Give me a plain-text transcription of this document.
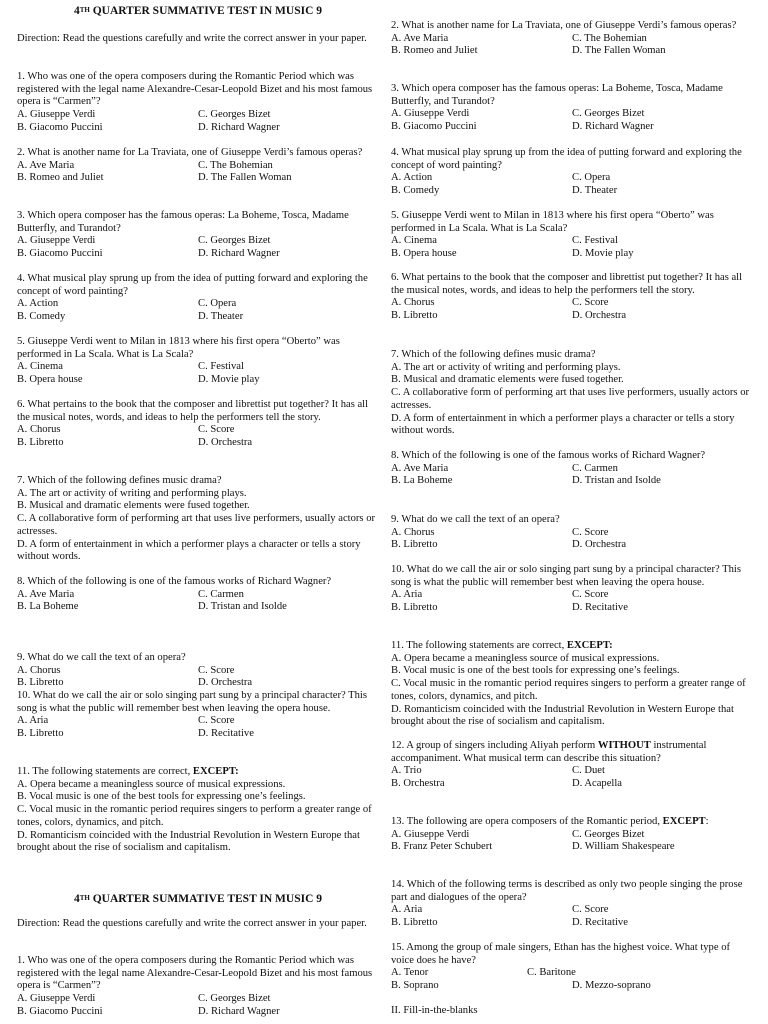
4TH QUARTER SUMMATIVE TEST IN MUSIC 9
Direction: Read the questions carefully and write the correct answer in your paper.
1. Who was one of the opera composers during the Romantic Period which was registered with the legal name Alexandre-Cesar-Leopold Bizet and his most famous opera is “Carmen”?
A. Giuseppe Verdi	C. Georges Bizet
B. Giacomo Puccini	D. Richard Wagner
2. What is another name for La Traviata, one of Giuseppe Verdi’s famous operas?
A. Ave Maria	C. The Bohemian
B. Romeo and Juliet	D. The Fallen Woman
3. Which opera composer has the famous operas: La Boheme, Tosca, Madame Butterfly, and Turandot?
A. Giuseppe Verdi	C. Georges Bizet
B. Giacomo Puccini	D. Richard Wagner
4. What musical play sprung up from the idea of putting forward and exploring the concept of word painting?
A. Action	C. Opera
B. Comedy	D. Theater
5. Giuseppe Verdi went to Milan in 1813 where his first opera “Oberto” was performed in La Scala. What is La Scala?
A. Cinema	C. Festival
B. Opera house	D. Movie play
6. What pertains to the book that the composer and librettist put together? It has all the musical notes, words, and ideas to help the performers tell the story.
A. Chorus	C. Score
B. Libretto	D. Orchestra
7. Which of the following defines music drama?
A. The art or activity of writing and performing plays.
B. Musical and dramatic elements were fused together.
C. A collaborative form of performing art that uses live performers, usually actors or actresses.
D. A form of entertainment in which a performer plays a character or tells a story without words.
8. Which of the following is one of the famous works of Richard Wagner?
A. Ave Maria	C. Carmen
B. La Boheme	D. Tristan and Isolde
9. What do we call the text of an opera?
A. Chorus	C. Score
B. Libretto	D. Orchestra
10. What do we call the air or solo singing part sung by a principal character? This song is what the public will remember best when leaving the opera house.
A. Aria	C. Score
B. Libretto	D. Recitative
11. The following statements are correct, EXCEPT:
A. Opera became a meaningless source of musical expressions.
B. Vocal music is one of the best tools for expressing one’s feelings.
C. Vocal music in the romantic period requires singers to perform a greater range of tones, colors, dynamics, and pitch.
D. Romanticism coincided with the Industrial Revolution in Western Europe that brought about the rise of socialism and capitalism.
4TH QUARTER SUMMATIVE TEST IN MUSIC 9
Direction: Read the questions carefully and write the correct answer in your paper.
1. Who was one of the opera composers during the Romantic Period which was registered with the legal name Alexandre-Cesar-Leopold Bizet and his most famous opera is “Carmen”?
A. Giuseppe Verdi	C. Georges Bizet
B. Giacomo Puccini	D. Richard Wagner
2. What is another name for La Traviata, one of Giuseppe Verdi’s famous operas?
A. Ave Maria	C. The Bohemian
B. Romeo and Juliet	D. The Fallen Woman
3. Which opera composer has the famous operas: La Boheme, Tosca, Madame Butterfly, and Turandot?
A. Giuseppe Verdi	C. Georges Bizet
B. Giacomo Puccini	D. Richard Wagner
4. What musical play sprung up from the idea of putting forward and exploring the concept of word painting?
A. Action	C. Opera
B. Comedy	D. Theater
5. Giuseppe Verdi went to Milan in 1813 where his first opera “Oberto” was performed in La Scala. What is La Scala?
A. Cinema	C. Festival
B. Opera house	D. Movie play
6. What pertains to the book that the composer and librettist put together? It has all the musical notes, words, and ideas to help the performers tell the story.
A. Chorus	C. Score
B. Libretto	D. Orchestra
7. Which of the following defines music drama?
A. The art or activity of writing and performing plays.
B. Musical and dramatic elements were fused together.
C. A collaborative form of performing art that uses live performers, usually actors or actresses.
D. A form of entertainment in which a performer plays a character or tells a story without words.
8. Which of the following is one of the famous works of Richard Wagner?
A. Ave Maria	C. Carmen
B. La Boheme	D. Tristan and Isolde
9. What do we call the text of an opera?
A. Chorus	C. Score
B. Libretto	D. Orchestra
10. What do we call the air or solo singing part sung by a principal character? This song is what the public will remember best when leaving the opera house.
A. Aria	C. Score
B. Libretto	D. Recitative
11. The following statements are correct, EXCEPT:
A. Opera became a meaningless source of musical expressions.
B. Vocal music is one of the best tools for expressing one’s feelings.
C. Vocal music in the romantic period requires singers to perform a greater range of tones, colors, dynamics, and pitch.
D. Romanticism coincided with the Industrial Revolution in Western Europe that brought about the rise of socialism and capitalism.
12. A group of singers including Aliyah perform WITHOUT instrumental accompaniment. What musical term can describe this situation?
A. Trio	C. Duet
B. Orchestra	D. Acapella
13. The following are opera composers of the Romantic period, EXCEPT:
A. Giuseppe Verdi	C. Georges Bizet
B. Franz Peter Schubert	D. William Shakespeare
14. Which of the following terms is described as only two people singing the prose part and dialogues of the opera?
A. Aria	C. Score
B. Libretto	D. Recitative
15. Among the group of male singers, Ethan has the highest voice. What type of voice does he have?
A. Tenor	C. Baritone
B. Soprano	D. Mezzo-soprano
II. Fill-in-the-blanks
